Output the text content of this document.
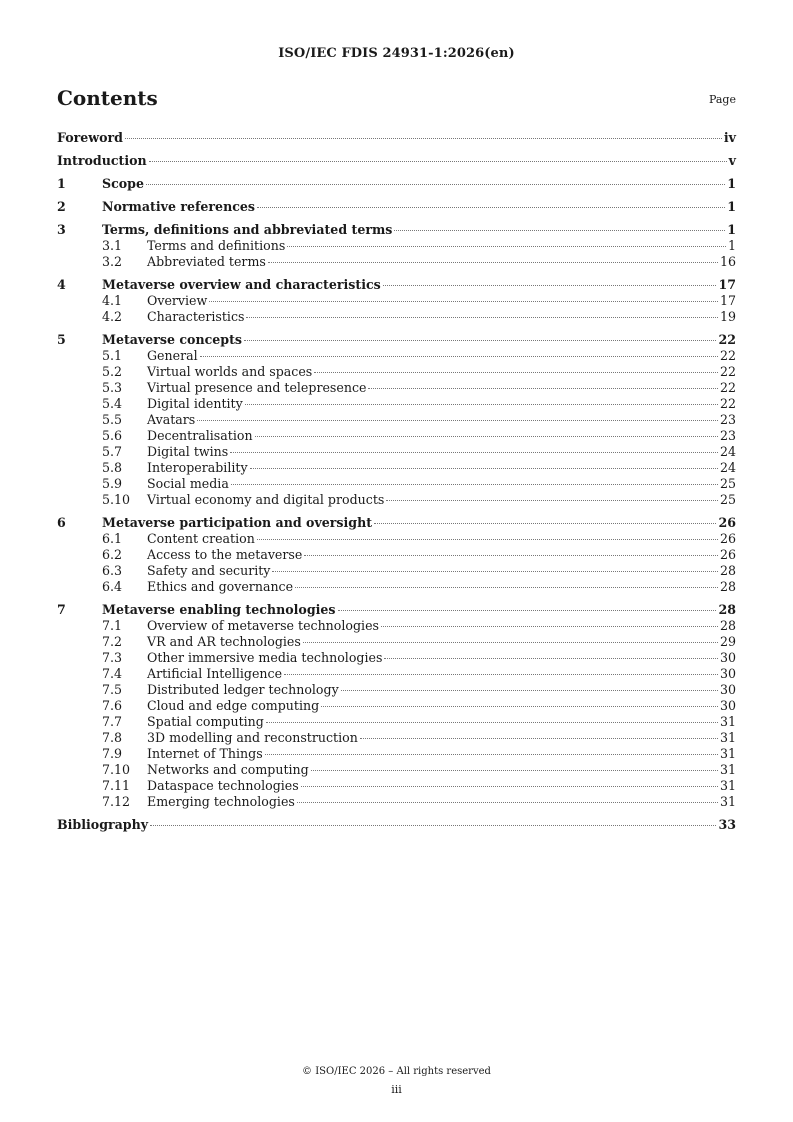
ISO/IEC FDIS 24931-1:2026(en)
Contents	Page
Foreword	iv
Introduction	v
1	Scope	1
2	Normative references	1
3	Terms, definitions and abbreviated terms	1
3.1	Terms and definitions	1
3.2	Abbreviated terms	16
4	Metaverse overview and characteristics	17
4.1	Overview	17
4.2	Characteristics	19
5	Metaverse concepts	22
5.1	General	22
5.2	Virtual worlds and spaces	22
5.3	Virtual presence and telepresence	22
5.4	Digital identity	22
5.5	Avatars	23
5.6	Decentralisation	23
5.7	Digital twins	24
5.8	Interoperability	24
5.9	Social media	25
5.10	Virtual economy and digital products	25
6	Metaverse participation and oversight	26
6.1	Content creation	26
6.2	Access to the metaverse	26
6.3	Safety and security	28
6.4	Ethics and governance	28
7	Metaverse enabling technologies	28
7.1	Overview of metaverse technologies	28
7.2	VR and AR technologies	29
7.3	Other immersive media technologies	30
7.4	Artificial Intelligence	30
7.5	Distributed ledger technology	30
7.6	Cloud and edge computing	30
7.7	Spatial computing	31
7.8	3D modelling and reconstruction	31
7.9	Internet of Things	31
7.10	Networks and computing	31
7.11	Dataspace technologies	31
7.12	Emerging technologies	31
Bibliography	33
© ISO/IEC 2026 – All rights reserved
iii
